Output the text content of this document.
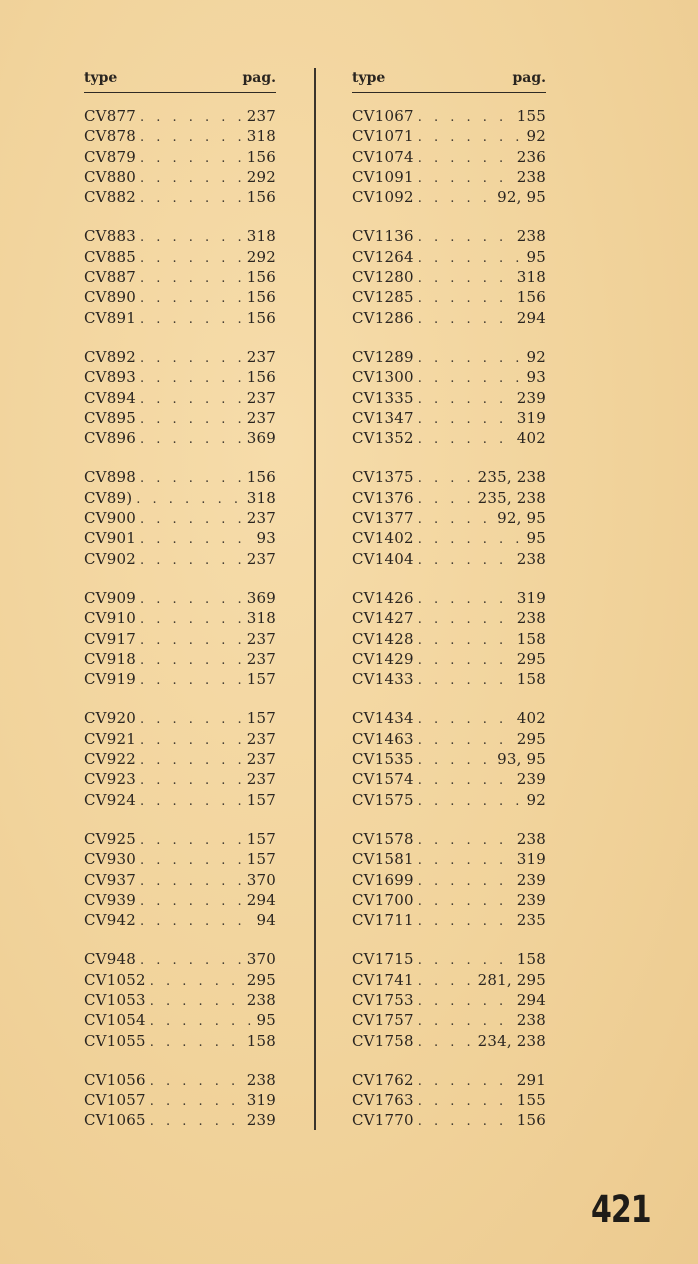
type	pag.
CV877 . . .	237
CV878 . . .	318
CV879 . . .	156
CV880 . . .	292
CV882 . . .	156
CV883 . . .	318
CV885 . . .	292
CV887 . . .	156
CV890 . . .	156
CV891 . . .	156
CV892 . . .	237
CV893 . . .	156
CV894 . . .	237
CV895 . . .	237
CV896 . . .	369
CV898 . . .	156
CV89) . . .	318
CV900 . . .	237
CV901 . . .	93
CV902 . . .	237
CV909 . . .	369
CV910 . . .	318
CV917 . . .	237
CV918 . . .	237
CV919 . . .	157
CV920 . . .	157
CV921 . . .	237
CV922 . . .	237
CV923 . . .	237
CV924 . . .	157
CV925 . . .	157
CV930 . . .	157
CV937 . . .	370
CV939 . . .	294
CV942 . . .	94
CV948 . . .	370
CV1052 . . .	295
CV1053 . . .	238
CV1054 . . .	95
CV1055 . . .	158
CV1056 . . .	238
CV1057 . . .	319
CV1065 . . .	239
type	pag.
CV1067 . . .	155
CV1071 . . .	92
CV1074 . . .	236
CV1091 . . .	238
CV1092 . . .	92, 95
CV1136 . . .	238
CV1264 . . .	95
CV1280 . . .	318
CV1285 . . .	156
CV1286 . . .	294
CV1289 . . .	92
CV1300 . . .	93
CV1335 . . .	239
CV1347 . . .	319
CV1352 . . .	402
CV1375 . . .	235, 238
CV1376 . . .	235, 238
CV1377 . . .	92, 95
CV1402 . . .	95
CV1404 . . .	238
CV1426 . . .	319
CV1427 . . .	238
CV1428 . . .	158
CV1429 . . .	295
CV1433 . . .	158
CV1434 . . .	402
CV1463 . . .	295
CV1535 . . .	93, 95
CV1574 . . .	239
CV1575 . . .	92
CV1578 . . .	238
CV1581 . . .	319
CV1699 . . .	239
CV1700 . . .	239
CV1711 . . .	235
CV1715 . . .	158
CV1741 . . .	281, 295
CV1753 . . .	294
CV1757 . . .	238
CV1758 . . .	234, 238
CV1762 . . .	291
CV1763 . . .	155
CV1770 . . .	156
421
